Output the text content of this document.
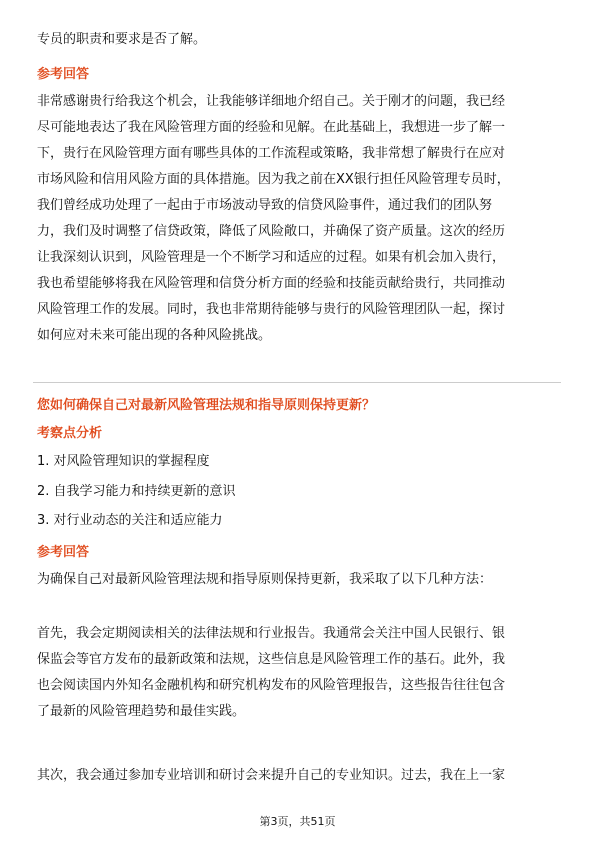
专员的职责和要求是否了解。
参考回答
非常感谢贵行给我这个机会，让我能够详细地介绍自己。关于刚才的问题，我已经
尽可能地表达了我在风险管理方面的经验和见解。在此基础上，我想进一步了解一
下，贵行在风险管理方面有哪些具体的工作流程或策略，我非常想了解贵行在应对
市场风险和信用风险方面的具体措施。因为我之前在XX银行担任风险管理专员时，
我们曾经成功处理了一起由于市场波动导致的信贷风险事件，通过我们的团队努
力，我们及时调整了信贷政策，降低了风险敞口，并确保了资产质量。这次的经历
让我深刻认识到，风险管理是一个不断学习和适应的过程。如果有机会加入贵行，
我也希望能够将我在风险管理和信贷分析方面的经验和技能贡献给贵行，共同推动
风险管理工作的发展。同时，我也非常期待能够与贵行的风险管理团队一起，探讨
如何应对未来可能出现的各种风险挑战。
您如何确保自己对最新风险管理法规和指导原则保持更新？
考察点分析
1. 对风险管理知识的掌握程度
2. 自我学习能力和持续更新的意识
3. 对行业动态的关注和适应能力
参考回答
为确保自己对最新风险管理法规和指导原则保持更新，我采取了以下几种方法：
首先，我会定期阅读相关的法律法规和行业报告。我通常会关注中国人民银行、银
保监会等官方发布的最新政策和法规，这些信息是风险管理工作的基石。此外，我
也会阅读国内外知名金融机构和研究机构发布的风险管理报告，这些报告往往包含
了最新的风险管理趋势和最佳实践。
其次，我会通过参加专业培训和研讨会来提升自己的专业知识。过去，我在上一家
第3页，共51页
